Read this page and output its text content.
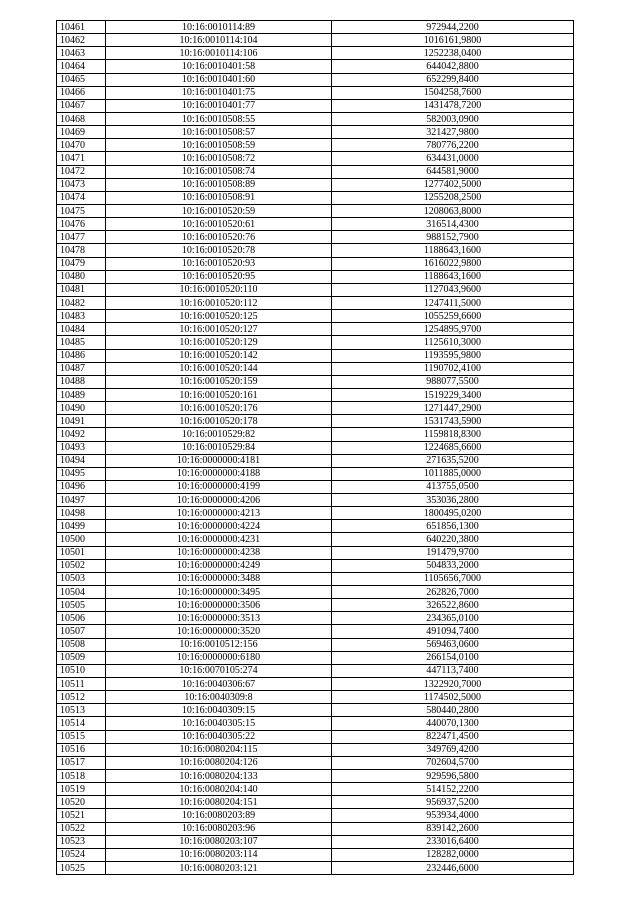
10461	10:16:0010114:89	972944,2200
10462	10:16:0010114:104	1016161,9800
10463	10:16:0010114:106	1252238,0400
10464	10:16:0010401:58	644042,8800
10465	10:16:0010401:60	652299,8400
10466	10:16:0010401:75	1504258,7600
10467	10:16:0010401:77	1431478,7200
10468	10:16:0010508:55	582003,0900
10469	10:16:0010508:57	321427,9800
10470	10:16:0010508:59	780776,2200
10471	10:16:0010508:72	634431,0000
10472	10:16:0010508:74	644581,9000
10473	10:16:0010508:89	1277402,5000
10474	10:16:0010508:91	1255208,2500
10475	10:16:0010520:59	1208063,8000
10476	10:16:0010520:61	316514,4300
10477	10:16:0010520:76	988152,7900
10478	10:16:0010520:78	1188643,1600
10479	10:16:0010520:93	1616022,9800
10480	10:16:0010520:95	1188643,1600
10481	10:16:0010520:110	1127043,9600
10482	10:16:0010520:112	1247411,5000
10483	10:16:0010520:125	1055259,6600
10484	10:16:0010520:127	1254895,9700
10485	10:16:0010520:129	1125610,3000
10486	10:16:0010520:142	1193595,9800
10487	10:16:0010520:144	1190702,4100
10488	10:16:0010520:159	988077,5500
10489	10:16:0010520:161	1519229,3400
10490	10:16:0010520:176	1271447,2900
10491	10:16:0010520:178	1531743,5900
10492	10:16:0010529:82	1159818,8300
10493	10:16:0010529:84	1224685,6600
10494	10:16:0000000:4181	271635,5200
10495	10:16:0000000:4188	1011885,0000
10496	10:16:0000000:4199	413755,0500
10497	10:16:0000000:4206	353036,2800
10498	10:16:0000000:4213	1800495,0200
10499	10:16:0000000:4224	651856,1300
10500	10:16:0000000:4231	640220,3800
10501	10:16:0000000:4238	191479,9700
10502	10:16:0000000:4249	504833,2000
10503	10:16:0000000:3488	1105656,7000
10504	10:16:0000000:3495	262826,7000
10505	10:16:0000000:3506	326522,8600
10506	10:16:0000000:3513	234365,0100
10507	10:16:0000000:3520	491094,7400
10508	10:16:0010512:156	569463,0600
10509	10:16:0000000:6180	266154,0100
10510	10:16:0070105:274	447113,7400
10511	10:16:0040306:67	1322920,7000
10512	10:16:0040309:8	1174502,5000
10513	10:16:0040309:15	580440,2800
10514	10:16:0040305:15	440070,1300
10515	10:16:0040305:22	822471,4500
10516	10:16:0080204:115	349769,4200
10517	10:16:0080204:126	702604,5700
10518	10:16:0080204:133	929596,5800
10519	10:16:0080204:140	514152,2200
10520	10:16:0080204:151	956937,5200
10521	10:16:0080203:89	953934,4000
10522	10:16:0080203:96	839142,2600
10523	10:16:0080203:107	233016,6400
10524	10:16:0080203:114	128282,0000
10525	10:16:0080203:121	232446,6000
